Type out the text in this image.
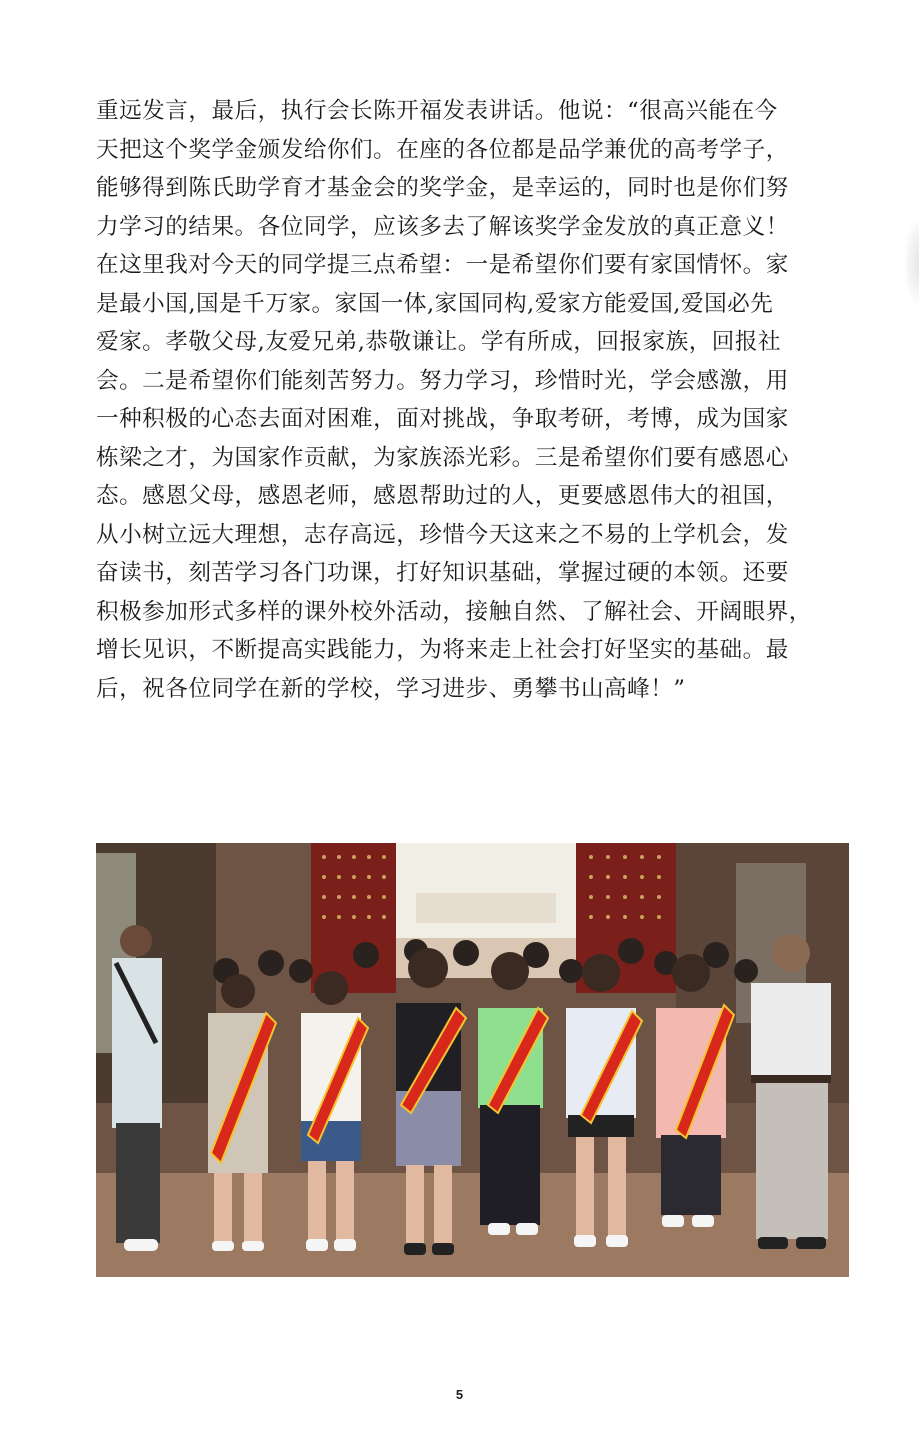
重远发言，最后，执行会长陈开福发表讲话。他说：“很高兴能在今
天把这个奖学金颁发给你们。在座的各位都是品学兼优的高考学子，
能够得到陈氏助学育才基金会的奖学金，是幸运的，同时也是你们努
力学习的结果。各位同学，应该多去了解该奖学金发放的真正意义！
在这里我对今天的同学提三点希望：一是希望你们要有家国情怀。家
是最小国,国是千万家。家国一体,家国同构,爱家方能爱国,爱国必先
爱家。孝敬父母,友爱兄弟,恭敬谦让。学有所成，回报家族，回报社
会。二是希望你们能刻苦努力。努力学习，珍惜时光，学会感激，用
一种积极的心态去面对困难，面对挑战，争取考研，考博，成为国家
栋梁之才，为国家作贡献，为家族添光彩。三是希望你们要有感恩心
态。感恩父母，感恩老师，感恩帮助过的人，更要感恩伟大的祖国，
从小树立远大理想，志存高远，珍惜今天这来之不易的上学机会，发
奋读书，刻苦学习各门功课，打好知识基础，掌握过硬的本领。还要
积极参加形式多样的课外校外活动，接触自然、了解社会、开阔眼界，
增长见识，不断提高实践能力，为将来走上社会打好坚实的基础。最
后，祝各位同学在新的学校，学习进步、勇攀书山高峰！”
5
